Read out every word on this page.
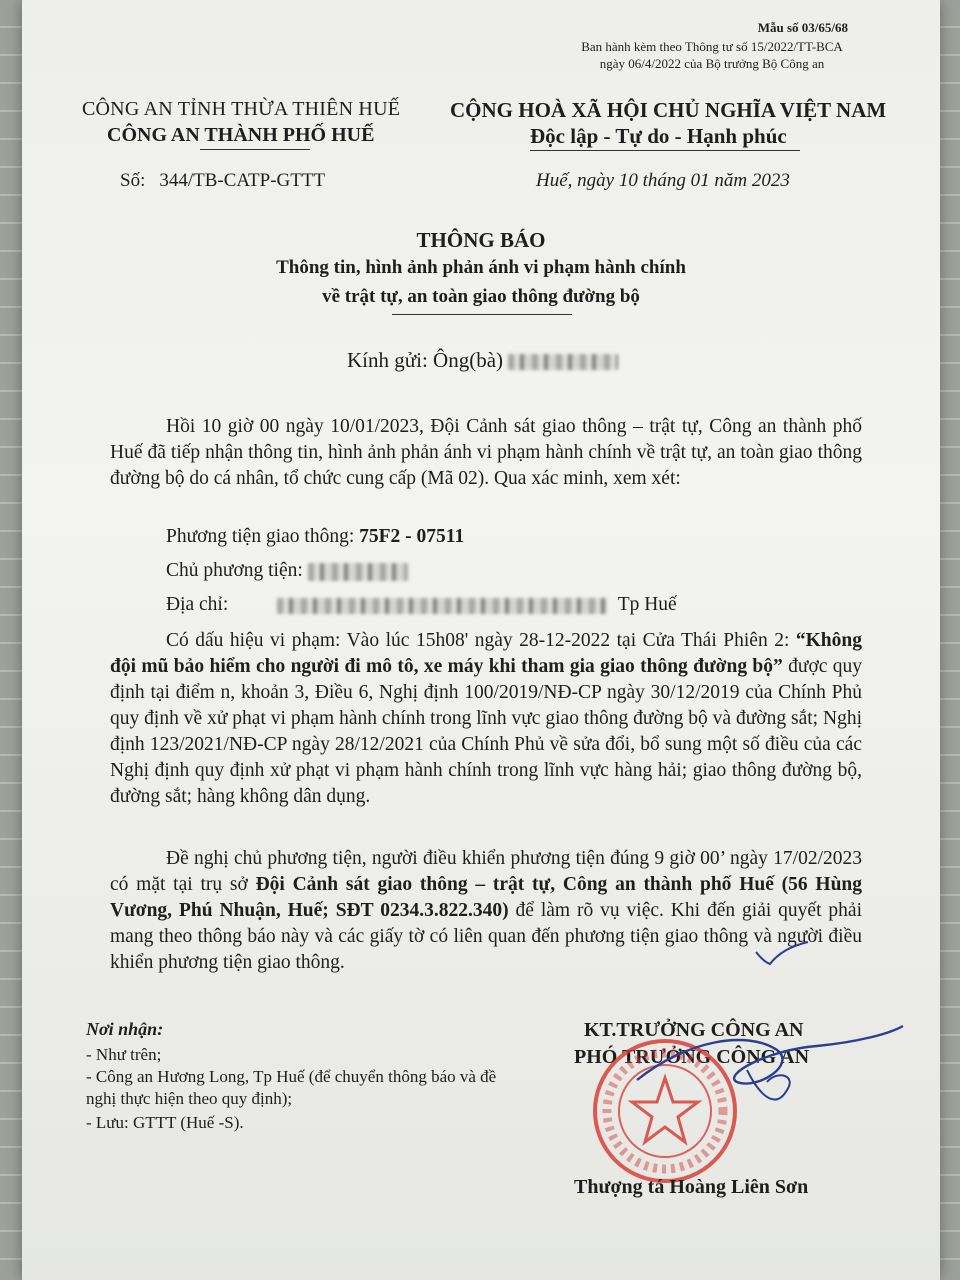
Mẫu số 03/65/68
Ban hành kèm theo Thông tư số 15/2022/TT-BCA
ngày 06/4/2022 của Bộ trưởng Bộ Công an
CÔNG AN TỈNH THỪA THIÊN HUẾ
CÔNG AN THÀNH PHỐ HUẾ
CỘNG HOÀ XÃ HỘI CHỦ NGHĨA VIỆT NAM
Độc lập - Tự do - Hạnh phúc
Số: 344/TB-CATP-GTTT	Huế, ngày 10 tháng 01 năm 2023
THÔNG BÁO
Thông tin, hình ảnh phản ánh vi phạm hành chính
về trật tự, an toàn giao thông đường bộ
Kính gửi: Ông(bà)
Hồi 10 giờ 00 ngày 10/01/2023, Đội Cảnh sát giao thông – trật tự, Công an thành phố Huế đã tiếp nhận thông tin, hình ảnh phản ánh vi phạm hành chính về trật tự, an toàn giao thông đường bộ do cá nhân, tổ chức cung cấp (Mã 02). Qua xác minh, xem xét:
Phương tiện giao thông: 75F2 - 07511
Chủ phương tiện:
Địa chỉ:	Tp Huế
Có dấu hiệu vi phạm: Vào lúc 15h08' ngày 28-12-2022 tại Cửa Thái Phiên 2: “Không đội mũ bảo hiểm cho người đi mô tô, xe máy khi tham gia giao thông đường bộ” được quy định tại điểm n, khoản 3, Điều 6, Nghị định 100/2019/NĐ-CP ngày 30/12/2019 của Chính Phủ quy định về xử phạt vi phạm hành chính trong lĩnh vực giao thông đường bộ và đường sắt; Nghị định 123/2021/NĐ-CP ngày 28/12/2021 của Chính Phủ về sửa đổi, bổ sung một số điều của các Nghị định quy định xử phạt vi phạm hành chính trong lĩnh vực hàng hải; giao thông đường bộ, đường sắt; hàng không dân dụng.
Đề nghị chủ phương tiện, người điều khiển phương tiện đúng 9 giờ 00’ ngày 17/02/2023 có mặt tại trụ sở Đội Cảnh sát giao thông – trật tự, Công an thành phố Huế (56 Hùng Vương, Phú Nhuận, Huế; SĐT 0234.3.822.340) để làm rõ vụ việc. Khi đến giải quyết phải mang theo thông báo này và các giấy tờ có liên quan đến phương tiện giao thông và người điều khiển phương tiện giao thông.
Nơi nhận:
- Như trên;
- Công an Hương Long, Tp Huế (để chuyển thông báo và đề nghị thực hiện theo quy định);
- Lưu: GTTT (Huế -S).
KT.TRƯỞNG CÔNG AN
PHÓ TRƯỞNG CÔNG AN
Thượng tá Hoàng Liên Sơn
